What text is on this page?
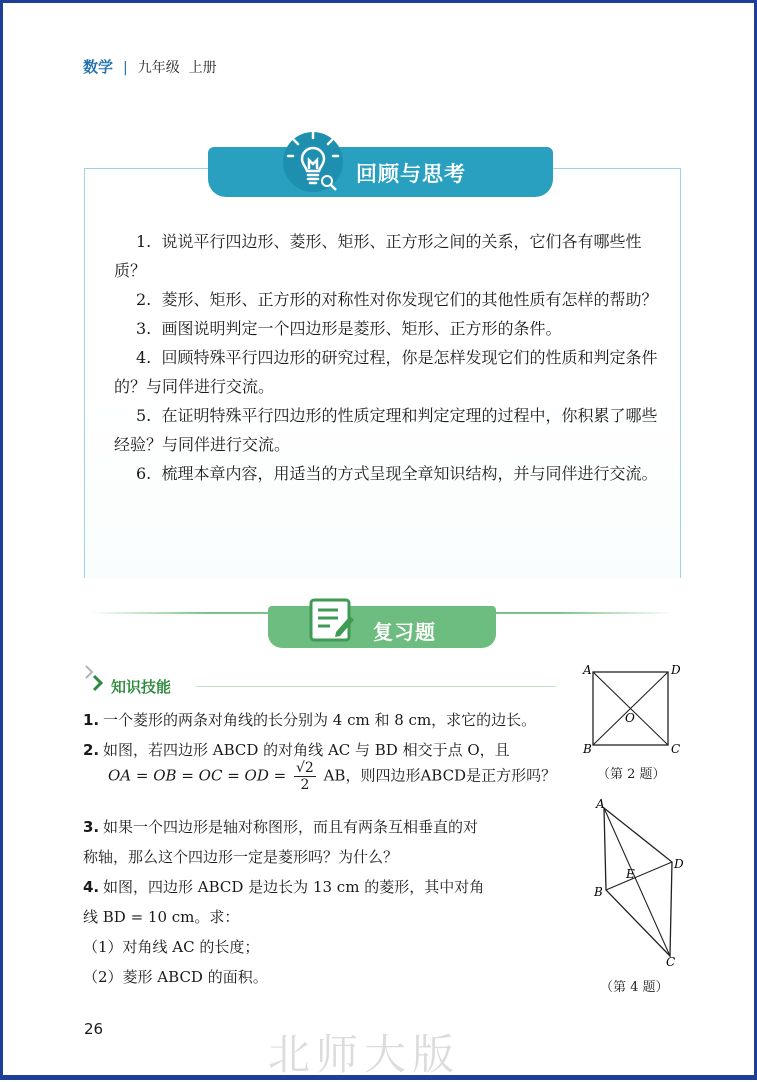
数学 | 九年级 上册
回顾与思考

1. 说说平行四边形、菱形、矩形、正方形之间的关系，它们各有哪些性质？

2. 菱形、矩形、正方形的对称性对你发现它们的其他性质有怎样的帮助？

3. 画图说明判定一个四边形是菱形、矩形、正方形的条件。

4. 回顾特殊平行四边形的研究过程，你是怎样发现它们的性质和判定条件的？与同伴进行交流。

5. 在证明特殊平行四边形的性质定理和判定定理的过程中，你积累了哪些经验？与同伴进行交流。

6. 梳理本章内容，用适当的方式呈现全章知识结构，并与同伴进行交流。

复习题
知识技能

1. 一个菱形的两条对角线的长分别为 4 cm 和 8 cm，求它的边长。

2. 如图，若四边形 ABCD 的对角线 AC 与 BD 相交于点 O，且

OA = OB = OC = OD = $\frac{√2}{2}$ AB，则四边形ABCD是正方形吗？

3. 如果一个四边形是轴对称图形，而且有两条互相垂直的对

称轴，那么这个四边形一定是菱形吗？为什么？

4. 如图，四边形 ABCD 是边长为 13 cm 的菱形，其中对角

线 BD = 10 cm。求：

（1）对角线 AC 的长度；

（2）菱形 ABCD 的面积。

A	D
B	C
O
（第 2 题）
A
D
B
C
E
（第 4 题）
26
北师大版
